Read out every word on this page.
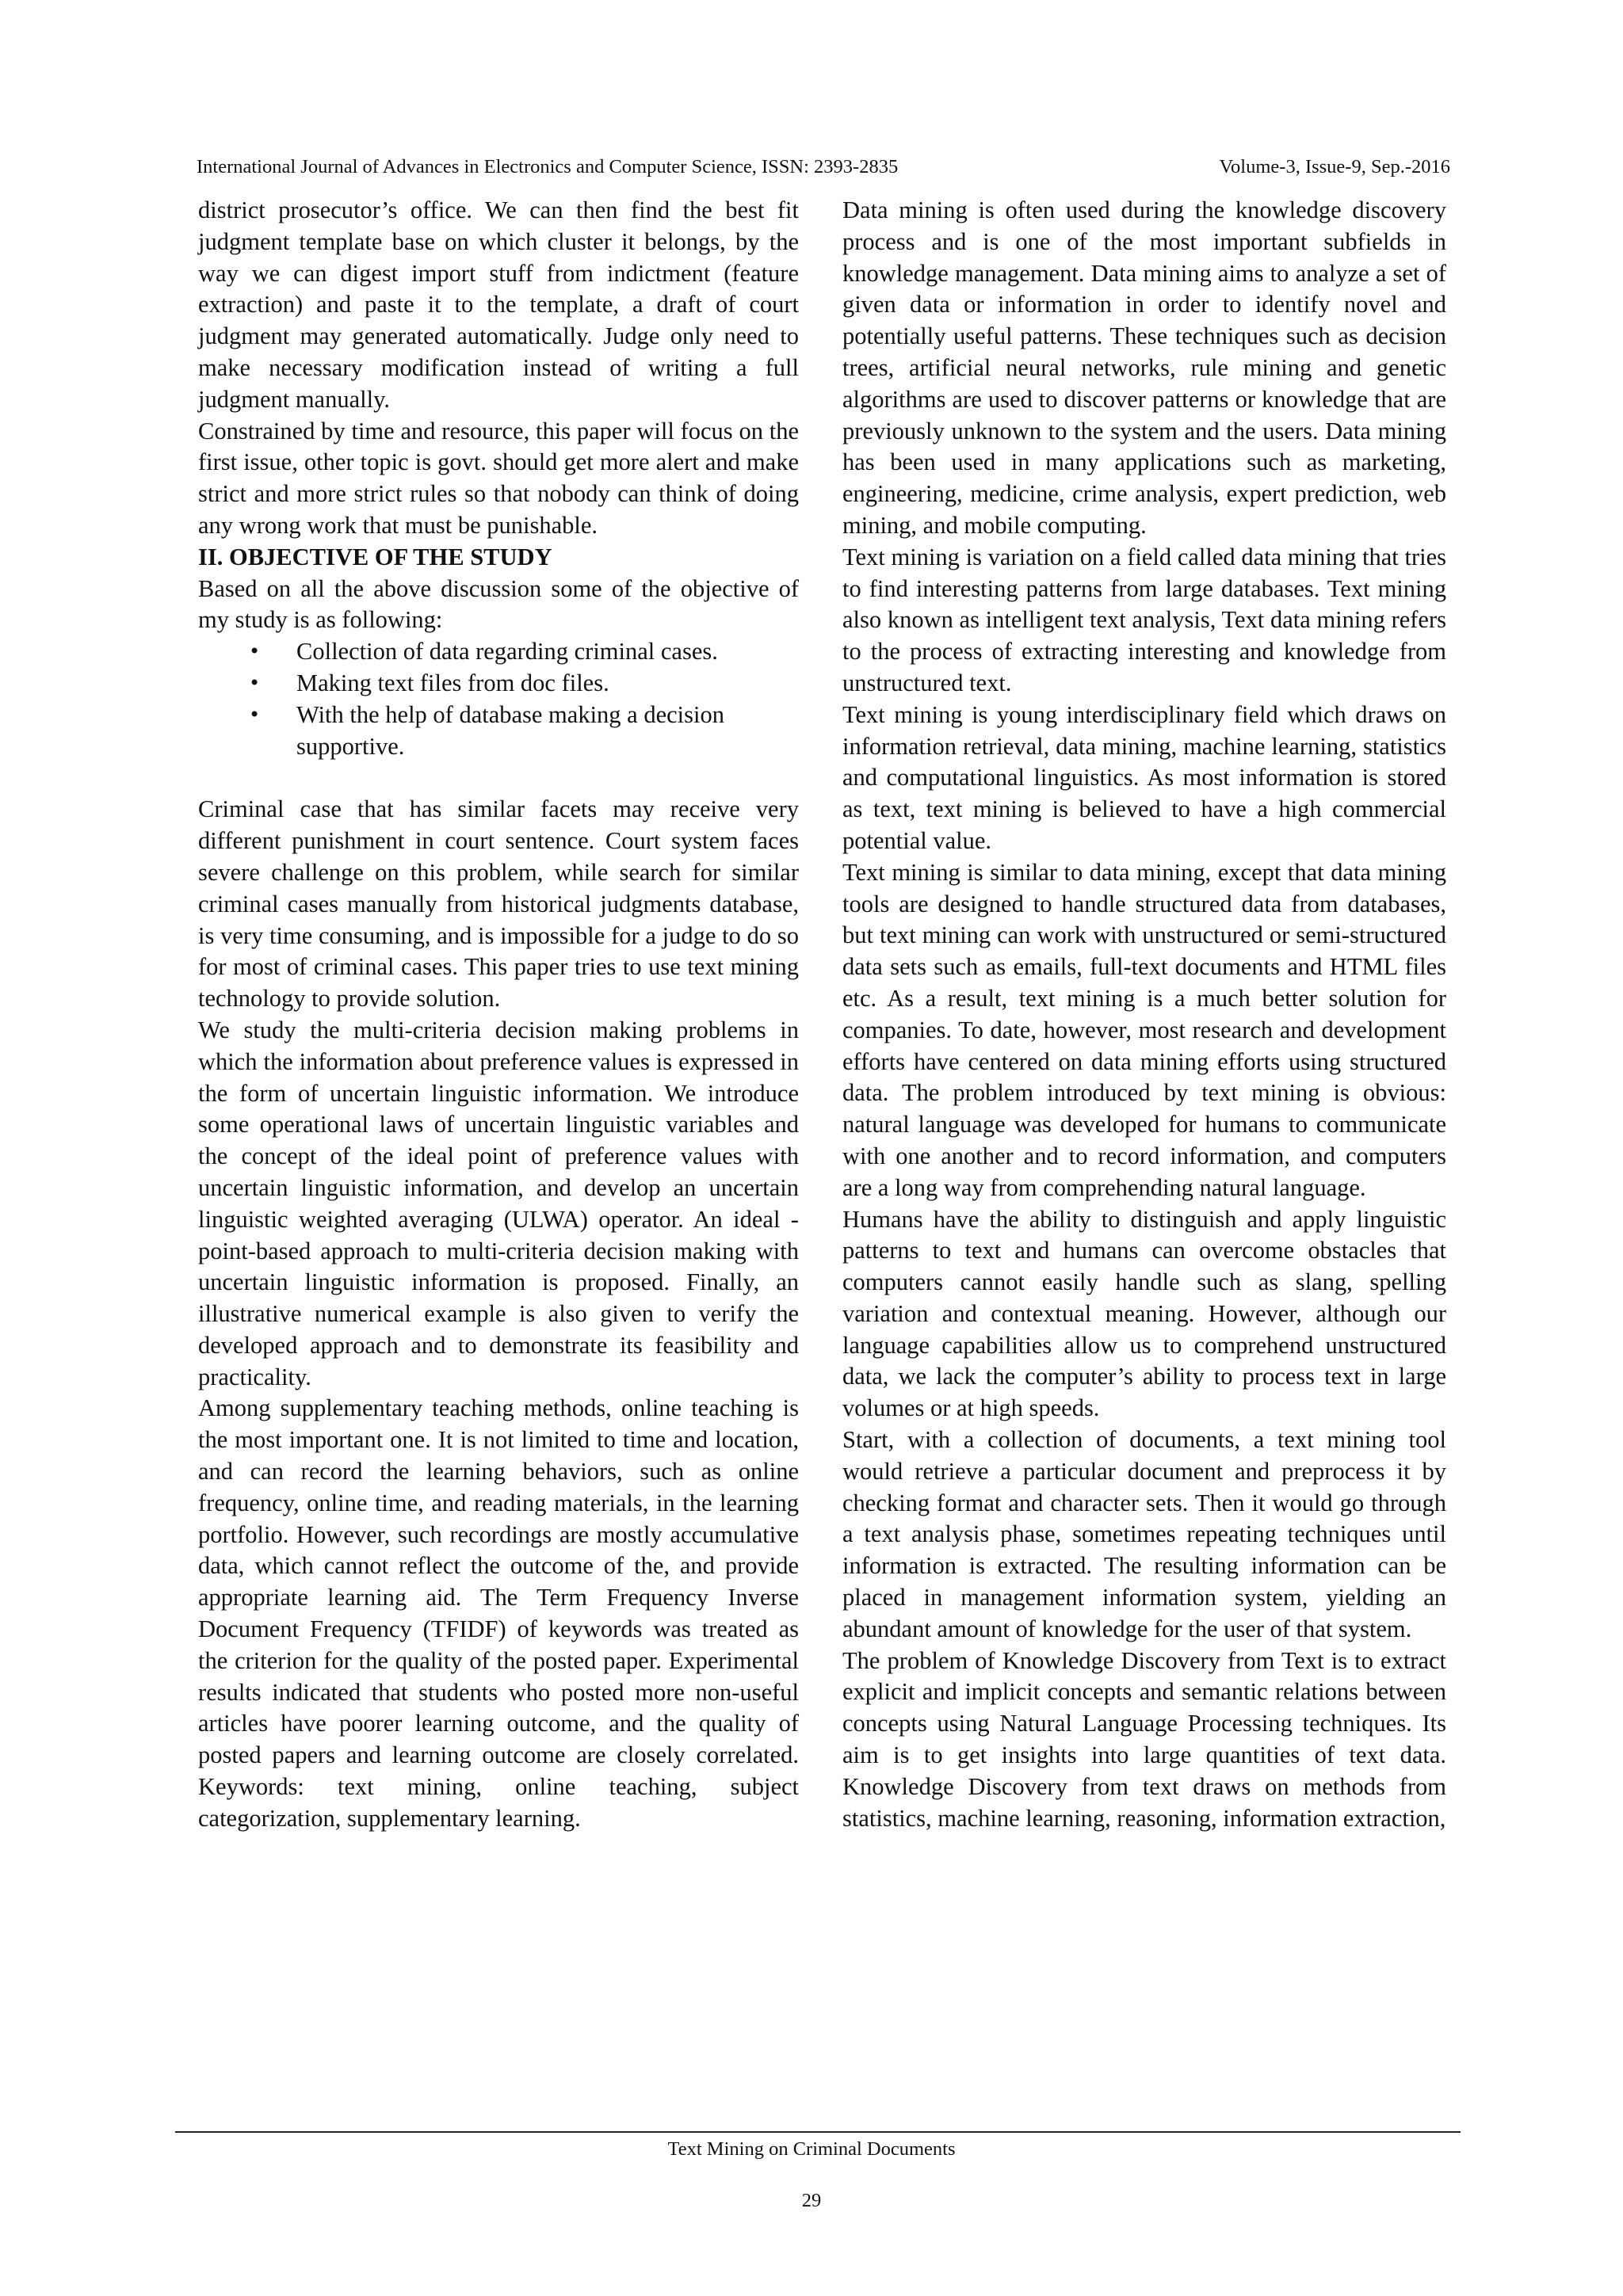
International Journal of Advances in Electronics and Computer Science, ISSN: 2393-2835	Volume-3, Issue-9, Sep.-2016

district prosecutor’s office. We can then find the best fit judgment template base on which cluster it belongs, by the way we can digest import stuff from indictment (feature extraction) and paste it to the template, a draft of court judgment may generated automatically. Judge only need to make necessary modification instead of writing a full judgment manually.

Constrained by time and resource, this paper will focus on the first issue, other topic is govt. should get more alert and make strict and more strict rules so that nobody can think of doing any wrong work that must be punishable.

II. OBJECTIVE OF THE STUDY

Based on all the above discussion some of the objective of my study is as following:

• Collection of data regarding criminal cases.
• Making text files from doc files.
• With the help of database making a decision supportive.

Criminal case that has similar facets may receive very different punishment in court sentence. Court system faces severe challenge on this problem, while search for similar criminal cases manually from historical judgments database, is very time consuming, and is impossible for a judge to do so for most of criminal cases. This paper tries to use text mining technology to provide solution.

We study the multi-criteria decision making problems in which the information about preference values is expressed in the form of uncertain linguistic information. We introduce some operational laws of uncertain linguistic variables and the concept of the ideal point of preference values with uncertain linguistic information, and develop an uncertain linguistic weighted averaging (ULWA) operator. An ideal -point-based approach to multi-criteria decision making with uncertain linguistic information is proposed. Finally, an illustrative numerical example is also given to verify the developed approach and to demonstrate its feasibility and practicality.

Among supplementary teaching methods, online teaching is the most important one. It is not limited to time and location, and can record the learning behaviors, such as online frequency, online time, and reading materials, in the learning portfolio. However, such recordings are mostly accumulative data, which cannot reflect the outcome of the, and provide appropriate learning aid. The Term Frequency Inverse Document Frequency (TFIDF) of keywords was treated as the criterion for the quality of the posted paper. Experimental results indicated that students who posted more non-useful articles have poorer learning outcome, and the quality of posted papers and learning outcome are closely correlated. Keywords: text mining, online teaching, subject categorization, supplementary learning.

Data mining is often used during the knowledge discovery process and is one of the most important subfields in knowledge management. Data mining aims to analyze a set of given data or information in order to identify novel and potentially useful patterns. These techniques such as decision trees, artificial neural networks, rule mining and genetic algorithms are used to discover patterns or knowledge that are previously unknown to the system and the users. Data mining has been used in many applications such as marketing, engineering, medicine, crime analysis, expert prediction, web mining, and mobile computing.

Text mining is variation on a field called data mining that tries to find interesting patterns from large databases. Text mining also known as intelligent text analysis, Text data mining refers to the process of extracting interesting and knowledge from unstructured text.

Text mining is young interdisciplinary field which draws on information retrieval, data mining, machine learning, statistics and computational linguistics. As most information is stored as text, text mining is believed to have a high commercial potential value.

Text mining is similar to data mining, except that data mining tools are designed to handle structured data from databases, but text mining can work with unstructured or semi-structured data sets such as emails, full-text documents and HTML files etc. As a result, text mining is a much better solution for companies. To date, however, most research and development efforts have centered on data mining efforts using structured data. The problem introduced by text mining is obvious: natural language was developed for humans to communicate with one another and to record information, and computers are a long way from comprehending natural language.

Humans have the ability to distinguish and apply linguistic patterns to text and humans can overcome obstacles that computers cannot easily handle such as slang, spelling variation and contextual meaning. However, although our language capabilities allow us to comprehend unstructured data, we lack the computer’s ability to process text in large volumes or at high speeds.

Start, with a collection of documents, a text mining tool would retrieve a particular document and preprocess it by checking format and character sets. Then it would go through a text analysis phase, sometimes repeating techniques until information is extracted. The resulting information can be placed in management information system, yielding an abundant amount of knowledge for the user of that system.

The problem of Knowledge Discovery from Text is to extract explicit and implicit concepts and semantic relations between concepts using Natural Language Processing techniques. Its aim is to get insights into large quantities of text data. Knowledge Discovery from text draws on methods from statistics, machine learning, reasoning, information extraction,

Text Mining on Criminal Documents
29
